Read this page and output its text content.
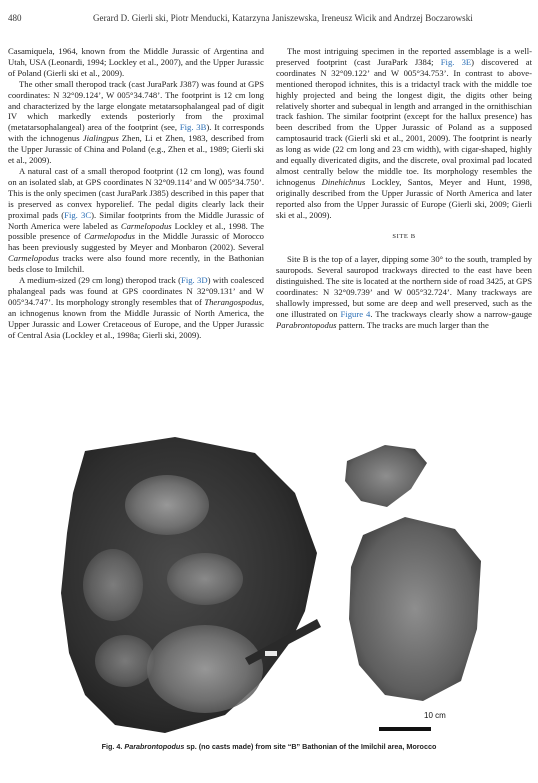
480	Gerard D. Gierli ski, Piotr Menducki, Katarzyna Janiszewska, Ireneusz Wicik and Andrzej Boczarowski

Casamiquela, 1964, known from the Middle Jurassic of Argentina and Utah, USA (Leonardi, 1994; Lockley et al., 2007), and the Upper Jurassic of Poland (Gierli ski et al., 2009).

The other small theropod track (cast JuraPark J387) was found at GPS coordinates: N 32°09.124’, W 005°34.748’. The footprint is 12 cm long and characterized by the large elongate metatarsophalangeal pad of digit IV which markedly extends posteriorly from the proximal (metatarsophalangeal) area of the footprint (see, Fig. 3B). It corresponds with the ichnogenus Jialingpus Zhen, Li et Zhen, 1983, described from the Upper Jurassic of China and Poland (e.g., Zhen et al., 1989; Gierli ski et al., 2009).

A natural cast of a small theropod footprint (12 cm long), was found on an isolated slab, at GPS coordinates N 32°09.114’ and W 005°34.750’. This is the only specimen (cast JuraPark J385) described in this paper that is preserved as convex hyporelief. The pedal digits clearly lack their proximal pads (Fig. 3C). Similar footprints from the Middle Jurassic of North America were labeled as Carmelopodus Lockley et al., 1998. The possible presence of Carmelopodus in the Middle Jurassic of Morocco has been previously suggested by Meyer and Monbaron (2002). Several Carmelopodus tracks were also found more recently, in the Bathonian beds close to Imilchil.

A medium-sized (29 cm long) theropod track (Fig. 3D) with coalesced phalangeal pads was found at GPS coordinates N 32°09.131’ and W 005°34.747’. Its morphology strongly resembles that of Therangospodus, an ichnogenus known from the Middle Jurassic of North America, the Upper Jurassic and Lower Cretaceous of Europe, and the Upper Jurassic of Central Asia (Lockley et al., 1998a; Gierli ski, 2009).

The most intriguing specimen in the reported assemblage is a well-preserved footprint (cast JuraPark J384; Fig. 3E) discovered at coordinates N 32°09.122’ and W 005°34.753’. In contrast to above-mentioned theropod ichnites, this is a tridactyl track with the middle toe highly projected and being the longest digit, the digits other being relatively shorter and subequal in length and arranged in the ornithischian track fashion. The similar footprint (except for the hallux presence) has been described from the Upper Jurassic of Poland as a supposed camptosaurid track (Gierli ski et al., 2001, 2009). The footprint is nearly as long as wide (22 cm long and 23 cm width), with cigar-shaped, highly and equally divericated digits, and the discrete, oval proximal pad located almost centrally below the middle toe. Its morphology resembles the ichnogenus Dinehichnus Lockley, Santos, Meyer and Hunt, 1998, originally described from the Upper Jurassic of North America and later reported also from the Upper Jurassic of Europe (Gierli ski, 2009; Gierli ski et al., 2009).

SITE B

Site B is the top of a layer, dipping some 30° to the south, trampled by sauropods. Several sauropod trackways directed to the east have been distinguished. The site is located at the northern side of road 3425, at GPS coordinates: N 32°09.739’ and W 005°32.724’. Many trackways are shallowly impressed, but some are deep and well preserved, such as the one illustrated on Figure 4. The trackways clearly show a narrow-gauge Parabrontopodus pattern. The tracks are much larger than the

10 cm
Fig. 4. Parabrontopodus sp. (no casts made) from site “B” Bathonian of the Imilchil area, Morocco
